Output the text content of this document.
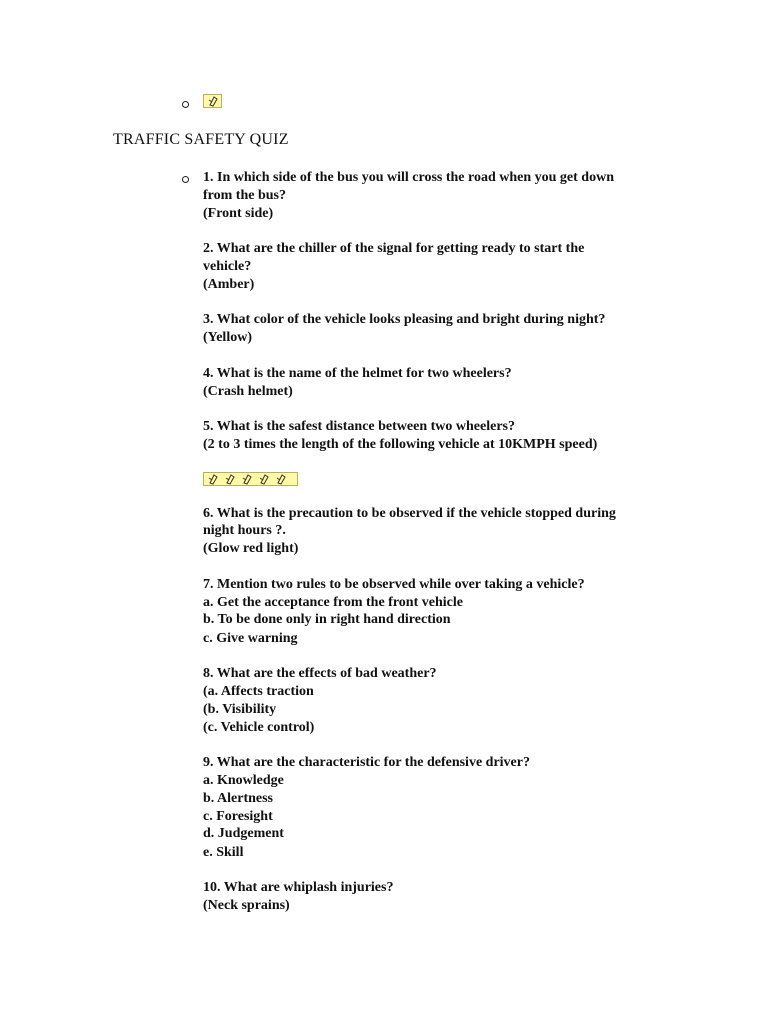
TRAFFIC SAFETY QUIZ
1. In which side of the bus you will cross the road when you get down
from the bus?
(Front side)
2. What are the chiller of the signal for getting ready to start the
vehicle?
(Amber)
3. What color of the vehicle looks pleasing and bright during night?
(Yellow)
4. What is the name of the helmet for two wheelers?
(Crash helmet)
5. What is the safest distance between two wheelers?
(2 to 3 times the length of the following vehicle at 10KMPH speed)
6. What is the precaution to be observed if the vehicle stopped during
night hours ?.
(Glow red light)
7. Mention two rules to be observed while over taking a vehicle?
a. Get the acceptance from the front vehicle
b. To be done only in right hand direction
c. Give warning
8. What are the effects of bad weather?
(a. Affects traction
(b. Visibility
(c. Vehicle control)
9. What are the characteristic for the defensive driver?
a. Knowledge
b. Alertness
c. Foresight
d. Judgement
e. Skill
10. What are whiplash injuries?
(Neck sprains)
